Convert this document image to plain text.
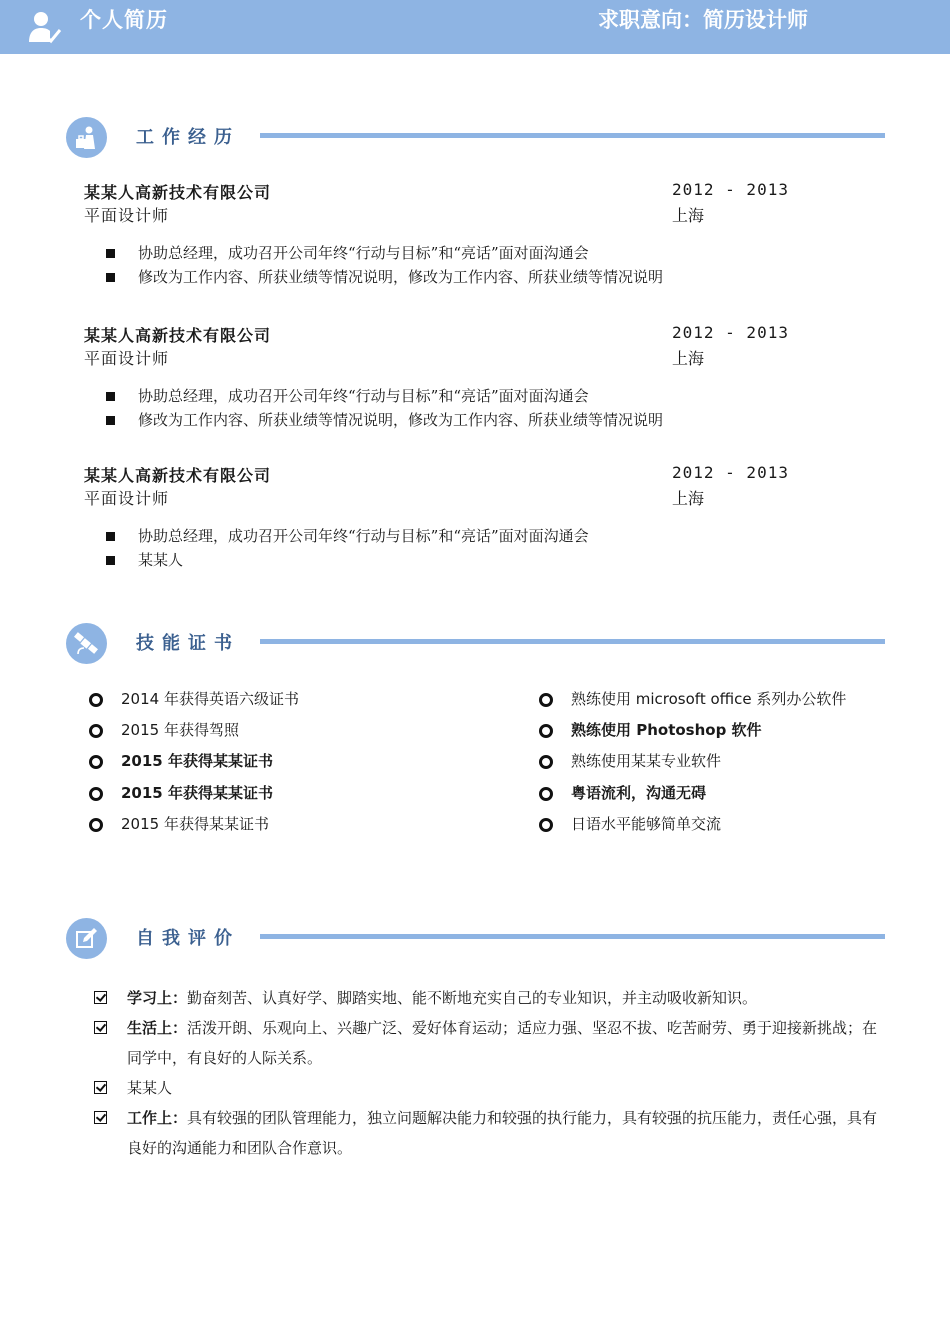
个人简历	求职意向：简历设计师
工作经历
某某人高新技术有限公司
平面设计师
2012 - 2013
上海
协助总经理，成功召开公司年终“行动与目标”和“亮话”面对面沟通会
修改为工作内容、所获业绩等情况说明，修改为工作内容、所获业绩等情况说明
某某人高新技术有限公司
平面设计师
2012 - 2013
上海
协助总经理，成功召开公司年终“行动与目标”和“亮话”面对面沟通会
修改为工作内容、所获业绩等情况说明，修改为工作内容、所获业绩等情况说明
某某人高新技术有限公司
平面设计师
2012 - 2013
上海
协助总经理，成功召开公司年终“行动与目标”和“亮话”面对面沟通会
某某人
技能证书
2014 年获得英语六级证书
2015 年获得驾照
2015 年获得某某证书
2015 年获得某某证书
2015 年获得某某证书
熟练使用 microsoft office 系列办公软件
熟练使用 Photoshop 软件
熟练使用某某专业软件
粤语流利，沟通无碍
日语水平能够简单交流
自我评价
学习上：勤奋刻苦、认真好学、脚踏实地、能不断地充实自己的专业知识，并主动吸收新知识。
生活上：活泼开朗、乐观向上、兴趣广泛、爱好体育运动；适应力强、坚忍不拔、吃苦耐劳、勇于迎接新挑战；在同学中，有良好的人际关系。
某某人
工作上：具有较强的团队管理能力，独立问题解决能力和较强的执行能力，具有较强的抗压能力，责任心强，具有良好的沟通能力和团队合作意识。
